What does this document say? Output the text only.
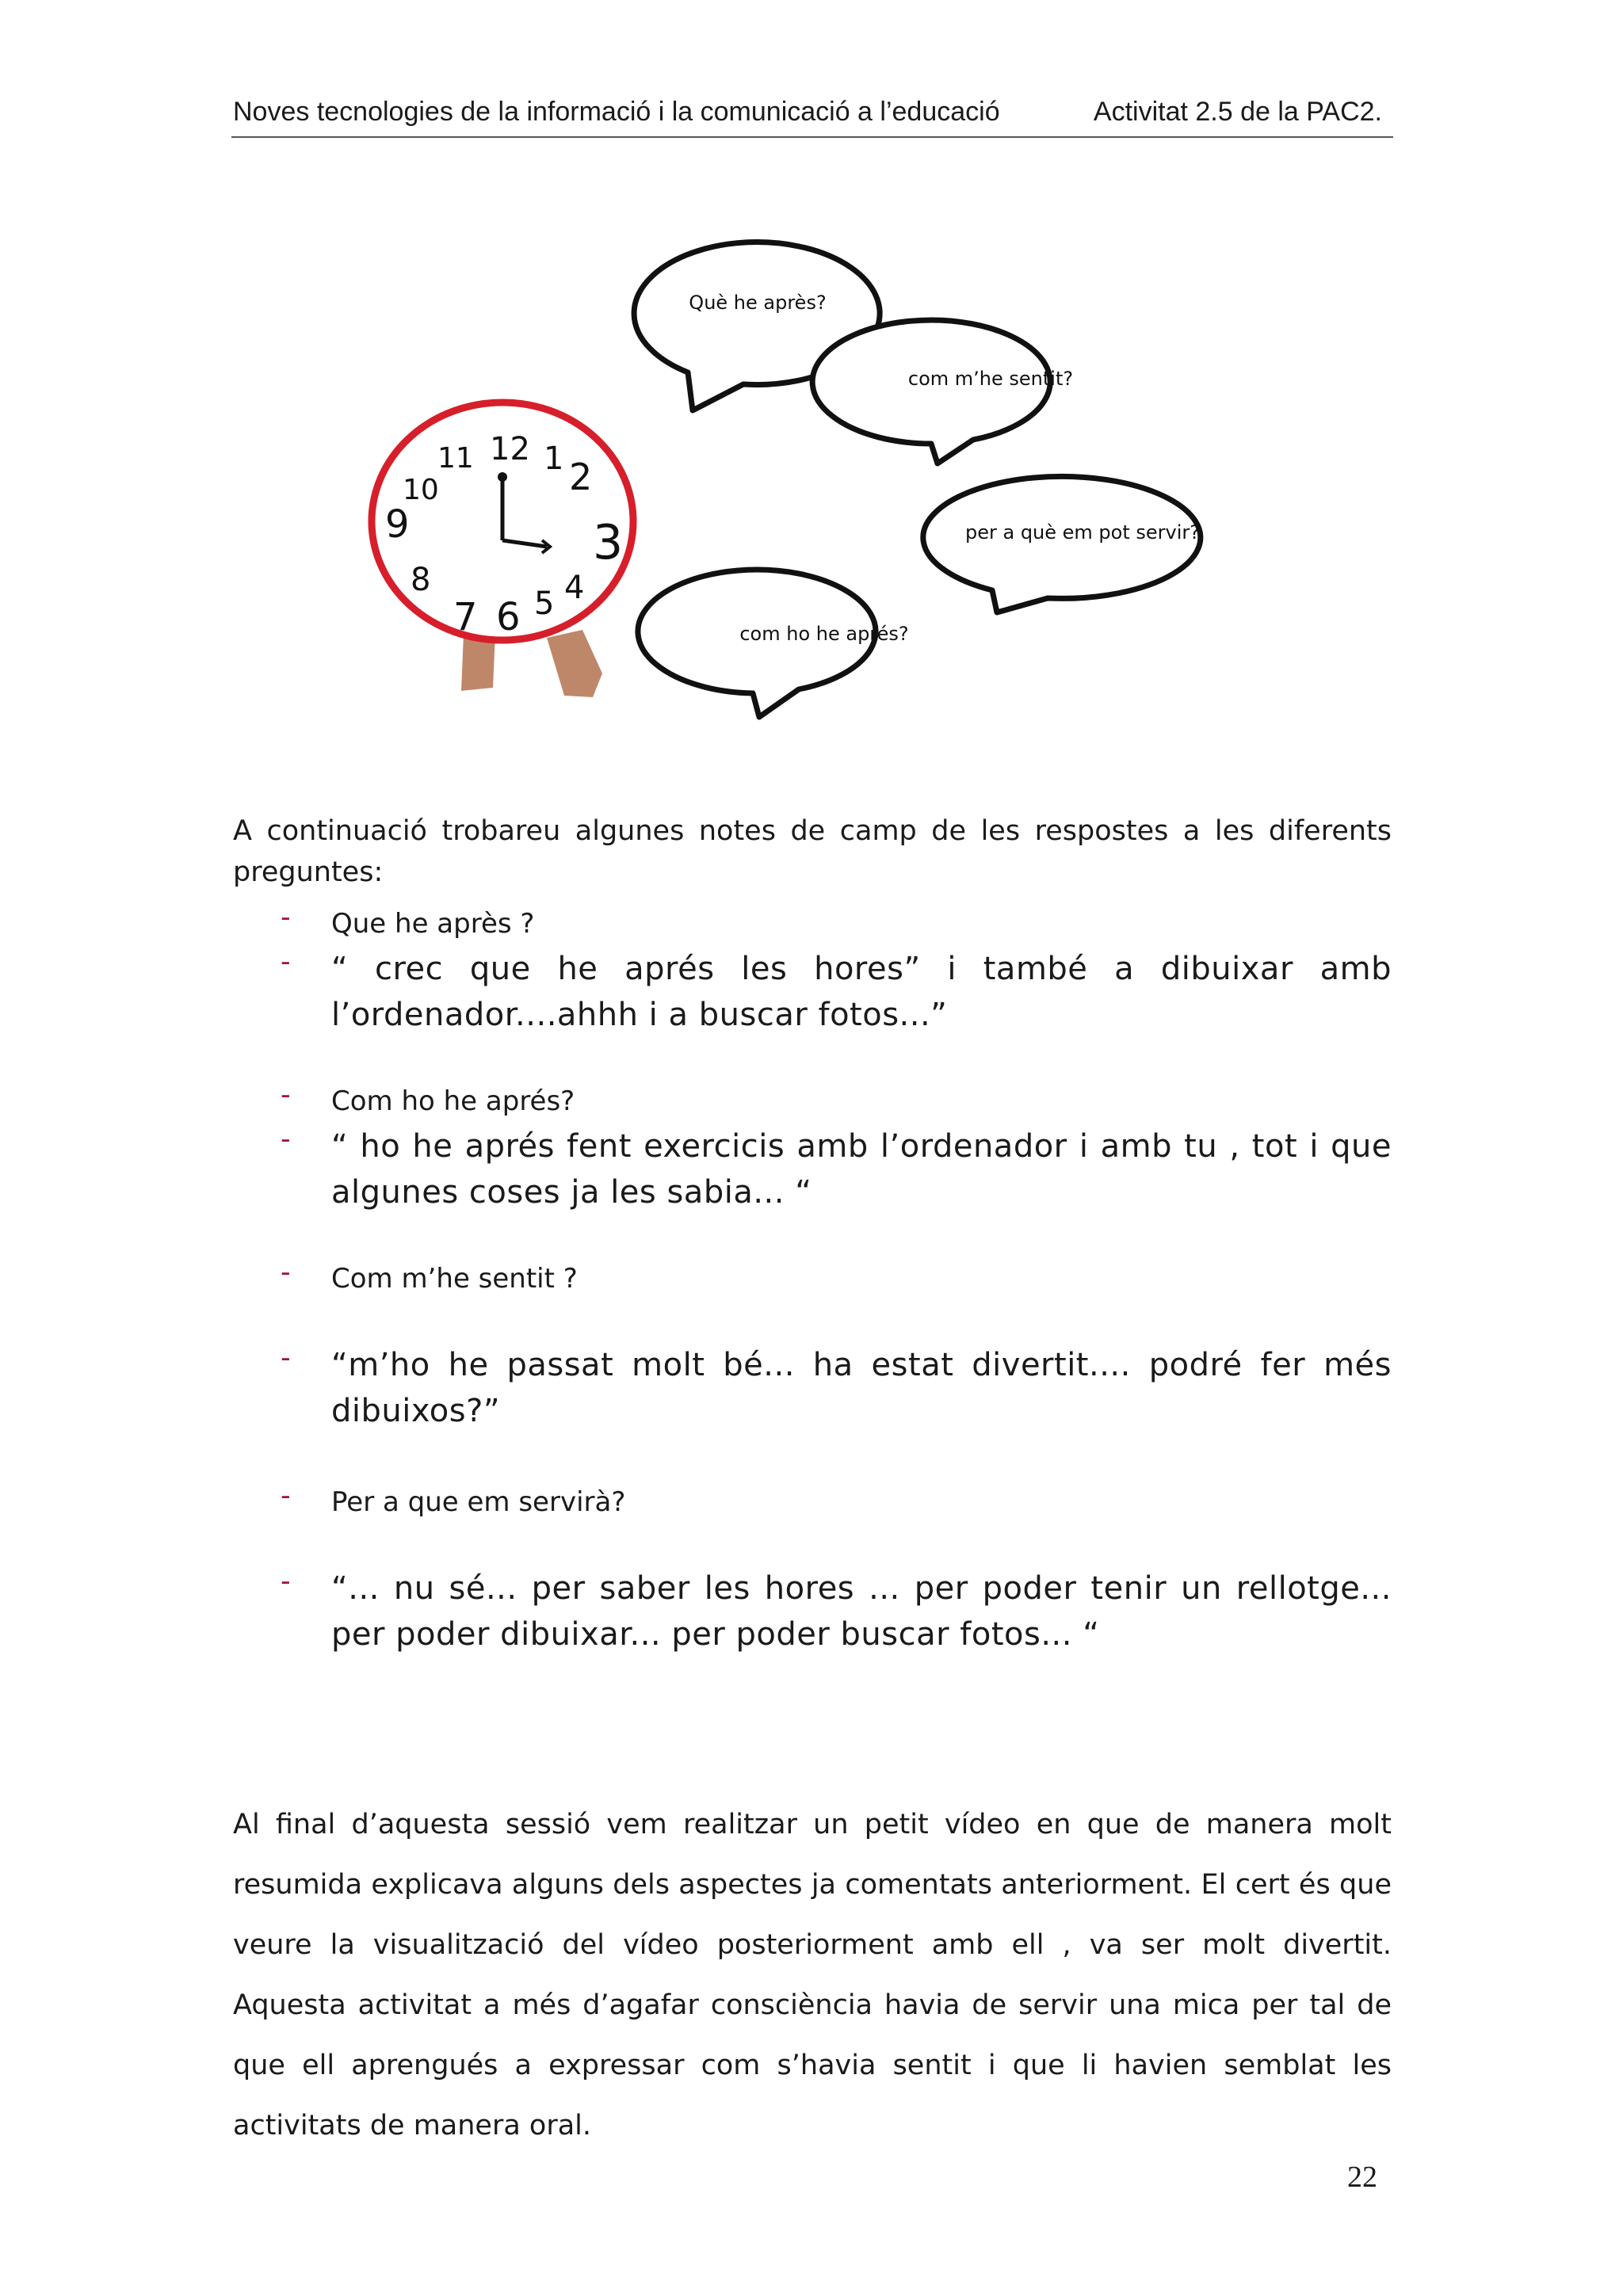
Noves tecnologies de la informació i la comunicació a l’educació	Activitat 2.5 de la PAC2.
12 1 2
3
4
5
6
7
8
9
10
11
Què he après?
com m’he sentit?
per a què em pot servir?
com ho he aprés?

A continuació trobareu algunes notes de camp de les respostes a les diferents preguntes:

- Que he après ?
- “ crec que he aprés les hores” i també a dibuixar amb l’ordenador....ahhh i a buscar fotos...”
- Com ho he aprés?
- “ ho he aprés fent exercicis amb l’ordenador i amb tu , tot i que algunes coses ja les sabia... “
- Com m’he sentit ?
- “m’ho he passat molt bé... ha estat divertit.... podré fer més dibuixos?”
- Per a que em servirà?
- “... nu sé... per saber les hores ... per poder tenir un rellotge... per poder dibuixar... per poder buscar fotos... “

Al final d’aquesta sessió vem realitzar un petit vídeo en que de manera molt resumida explicava alguns dels aspectes ja comentats anteriorment. El cert és que veure la visualització del vídeo posteriorment amb ell , va ser molt divertit. Aquesta activitat a més d’agafar consciència havia de servir una mica per tal de que ell aprengués a expressar com s’havia sentit i que li havien semblat les activitats de manera oral.

22
